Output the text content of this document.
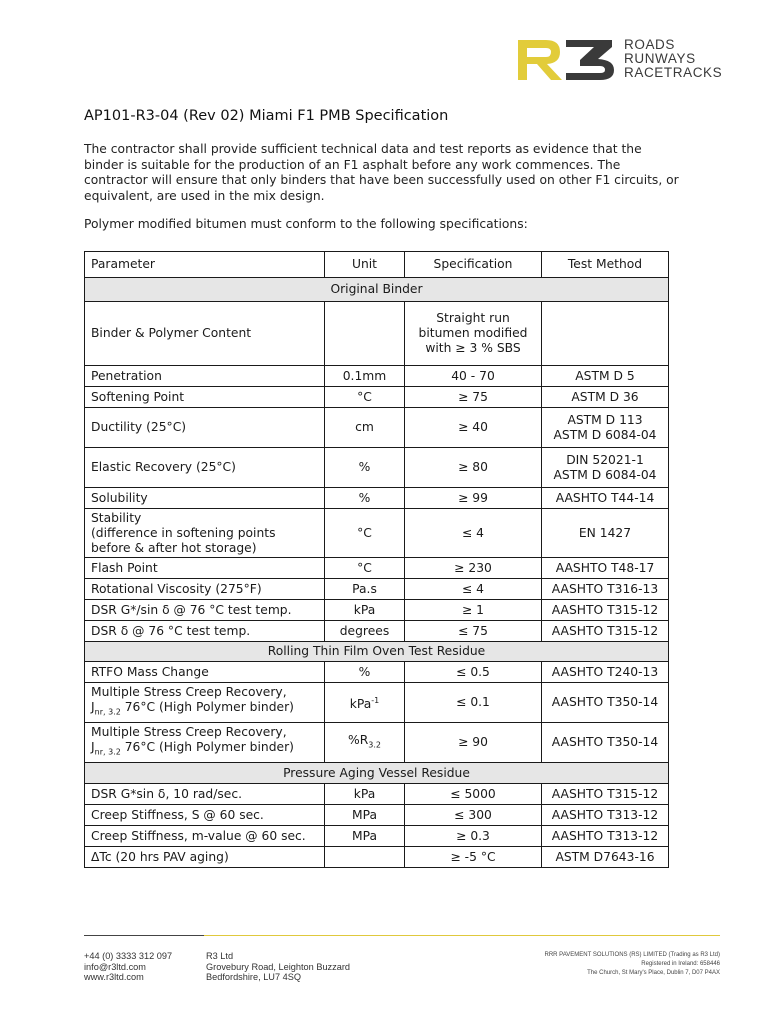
ROADS
RUNWAYS
RACETRACKS
AP101-R3-04 (Rev 02) Miami F1 PMB Specification

The contractor shall provide sufficient technical data and test reports as evidence that the binder is suitable for the production of an F1 asphalt before any work commences. The contractor will ensure that only binders that have been successfully used on other F1 circuits, or equivalent, are used in the mix design.

Polymer modified bitumen must conform to the following specifications:

Parameter	Unit	Specification	Test Method
Original Binder			
Binder & Polymer Content		Straight run
bitumen modified
with ≥ 3 % SBS	

Penetration	0.1mm	40 - 70	ASTM D 5
Softening Point	°C	≥ 75	ASTM D 36
Ductility (25°C)	cm	≥ 40	ASTM D 113
ASTM D 6084-04

Elastic Recovery (25°C)	%	≥ 80	DIN 52021-1
ASTM D 6084-04

Solubility	%	≥ 99	AASHTO T44-14

Stability
(difference in softening points
before & after hot storage)	°C	≤ 4	EN 1427
Flash Point	°C	≥ 230	AASHTO T48-17
Rotational Viscosity (275°F)	Pa.s	≤ 4	AASHTO T316-13
DSR G*/sin δ @ 76 °C test temp.	kPa	≥ 1	AASHTO T315-12
DSR δ @ 76 °C test temp.	degrees	≤ 75	AASHTO T315-12
Rolling Thin Film Oven Test Residue			
RTFO Mass Change	%	≤ 0.5	AASHTO T240-13

Multiple Stress Creep Recovery,
$J_{nr, 3.2}$ 76°C (High Polymer binder)	kPa$^{-1}$	≤ 0.1	AASHTO T350-14

Multiple Stress Creep Recovery,
$J_{nr, 3.2}$ 76°C (High Polymer binder)	$\%R_{3.2}$	≥ 90	AASHTO T350-14
Pressure Aging Vessel Residue			
DSR G*sin δ, 10 rad/sec.	kPa	≤ 5000	AASHTO T315-12
Creep Stiffness, S @ 60 sec.	MPa	≤ 300	AASHTO T313-12
Creep Stiffness, m-value @ 60 sec.	MPa	≥ 0.3	AASHTO T313-12
ΔTc (20 hrs PAV aging)		≥ -5 °C	ASTM D7643-16
+44 (0) 3333 312 097
info@r3ltd.com
www.r3ltd.com
R3 Ltd
Grovebury Road, Leighton Buzzard
Bedfordshire, LU7 4SQ
RRR PAVEMENT SOLUTIONS (RS) LIMITED (Trading as R3 Ltd)
Registered in Ireland: 658446
The Church, St Mary's Place, Dublin 7, D07 P4AX
